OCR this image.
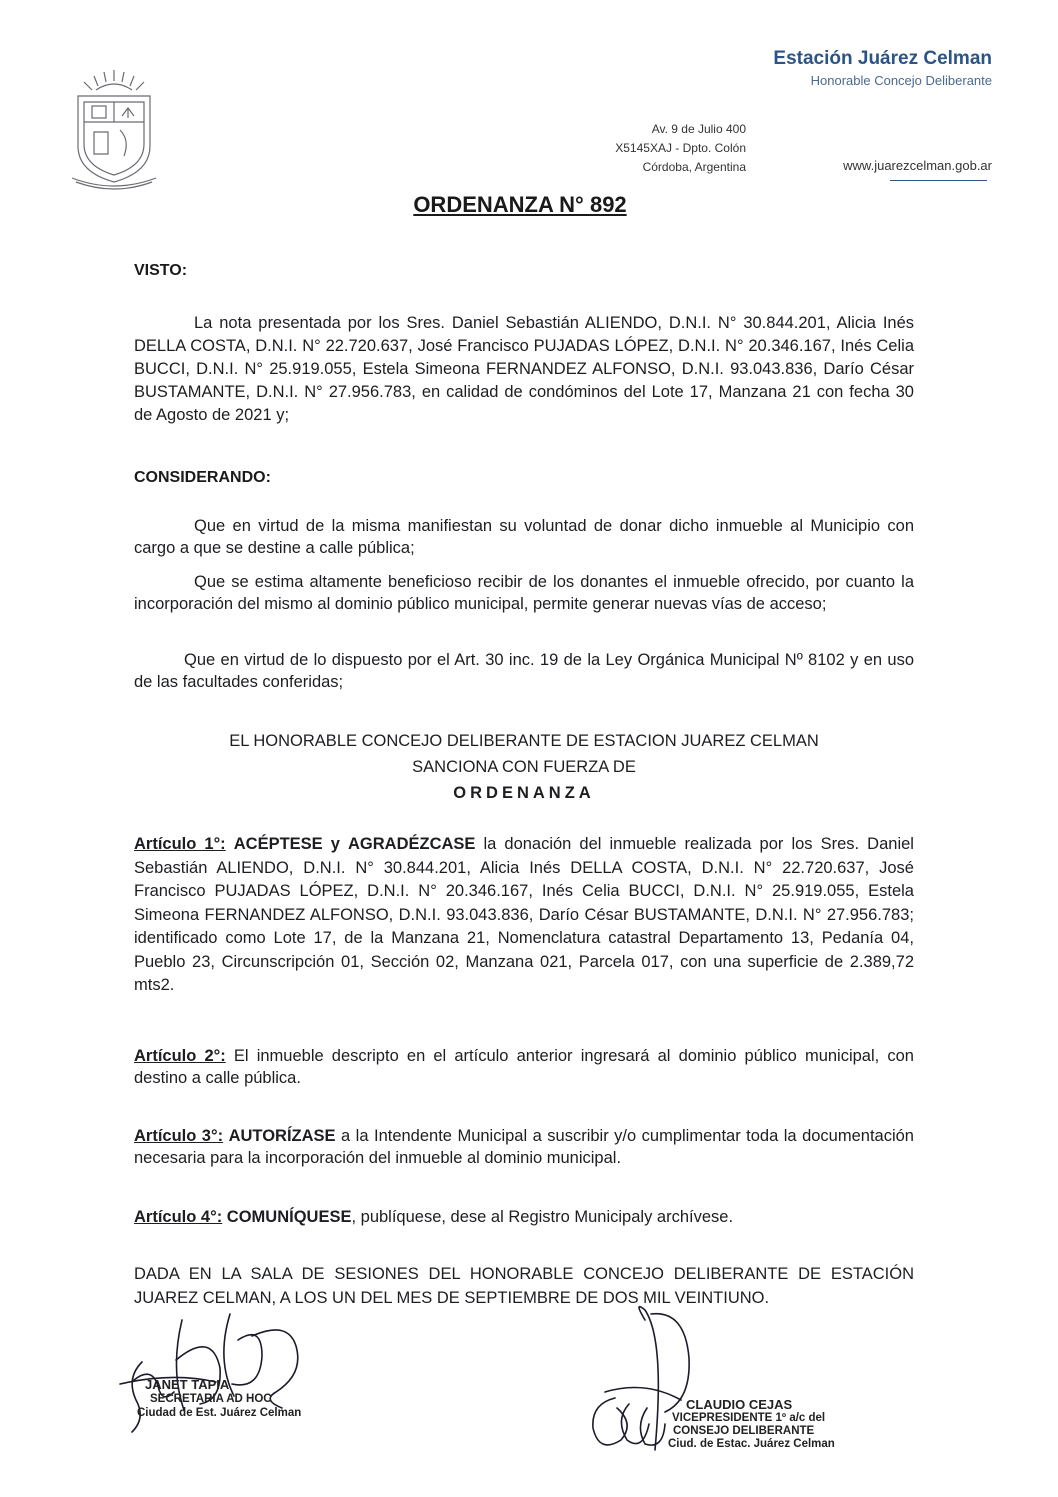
Estación Juárez Celman
Honorable Concejo Deliberante
Av. 9 de Julio 400
X5145XAJ - Dpto. Colón
Córdoba, Argentina	www.juarezcelman.gob.ar
ORDENANZA N° 892
VISTO:
La nota presentada por los Sres. Daniel Sebastián ALIENDO, D.N.I. N° 30.844.201, Alicia Inés DELLA COSTA, D.N.I. N° 22.720.637, José Francisco PUJADAS LÓPEZ, D.N.I. N° 20.346.167, Inés Celia BUCCI, D.N.I. N° 25.919.055, Estela Simeona FERNANDEZ ALFONSO, D.N.I. 93.043.836, Darío César BUSTAMANTE, D.N.I. N° 27.956.783, en calidad de condóminos del Lote 17, Manzana 21 con fecha 30 de Agosto de 2021 y;
CONSIDERANDO:
Que en virtud de la misma manifiestan su voluntad de donar dicho inmueble al Municipio con cargo a que se destine a calle pública;
Que se estima altamente beneficioso recibir de los donantes el inmueble ofrecido, por cuanto la incorporación del mismo al dominio público municipal, permite generar nuevas vías de acceso;
Que en virtud de lo dispuesto por el Art. 30 inc. 19 de la Ley Orgánica Municipal Nº 8102 y en uso de las facultades conferidas;
EL HONORABLE CONCEJO DELIBERANTE DE ESTACION JUAREZ CELMAN
SANCIONA CON FUERZA DE
ORDENANZA
Artículo 1°: ACÉPTESE y AGRADÉZCASE la donación del inmueble realizada por los Sres. Daniel Sebastián ALIENDO, D.N.I. N° 30.844.201, Alicia Inés DELLA COSTA, D.N.I. N° 22.720.637, José Francisco PUJADAS LÓPEZ, D.N.I. N° 20.346.167, Inés Celia BUCCI, D.N.I. N° 25.919.055, Estela Simeona FERNANDEZ ALFONSO, D.N.I. 93.043.836, Darío César BUSTAMANTE, D.N.I. N° 27.956.783; identificado como Lote 17, de la Manzana 21, Nomenclatura catastral Departamento 13, Pedanía 04, Pueblo 23, Circunscripción 01, Sección 02, Manzana 021, Parcela 017, con una superficie de 2.389,72 mts2.
Artículo 2°: El inmueble descripto en el artículo anterior ingresará al dominio público municipal, con destino a calle pública.
Artículo 3°: AUTORÍZASE a la Intendente Municipal a suscribir y/o cumplimentar toda la documentación necesaria para la incorporación del inmueble al dominio municipal.
Artículo 4°: COMUNÍQUESE, publíquese, dese al Registro Municipaly archívese.
DADA EN LA SALA DE SESIONES DEL HONORABLE CONCEJO DELIBERANTE DE ESTACIÓN JUAREZ CELMAN, A LOS UN DEL MES DE SEPTIEMBRE DE DOS MIL VEINTIUNO.
JANET TAPIA
SECRETARIA AD HOC
Ciudad de Est. Juárez Celman
CLAUDIO CEJAS
VICEPRESIDENTE 1º a/c del
CONSEJO DELIBERANTE
Ciud. de Estac. Juárez Celman
